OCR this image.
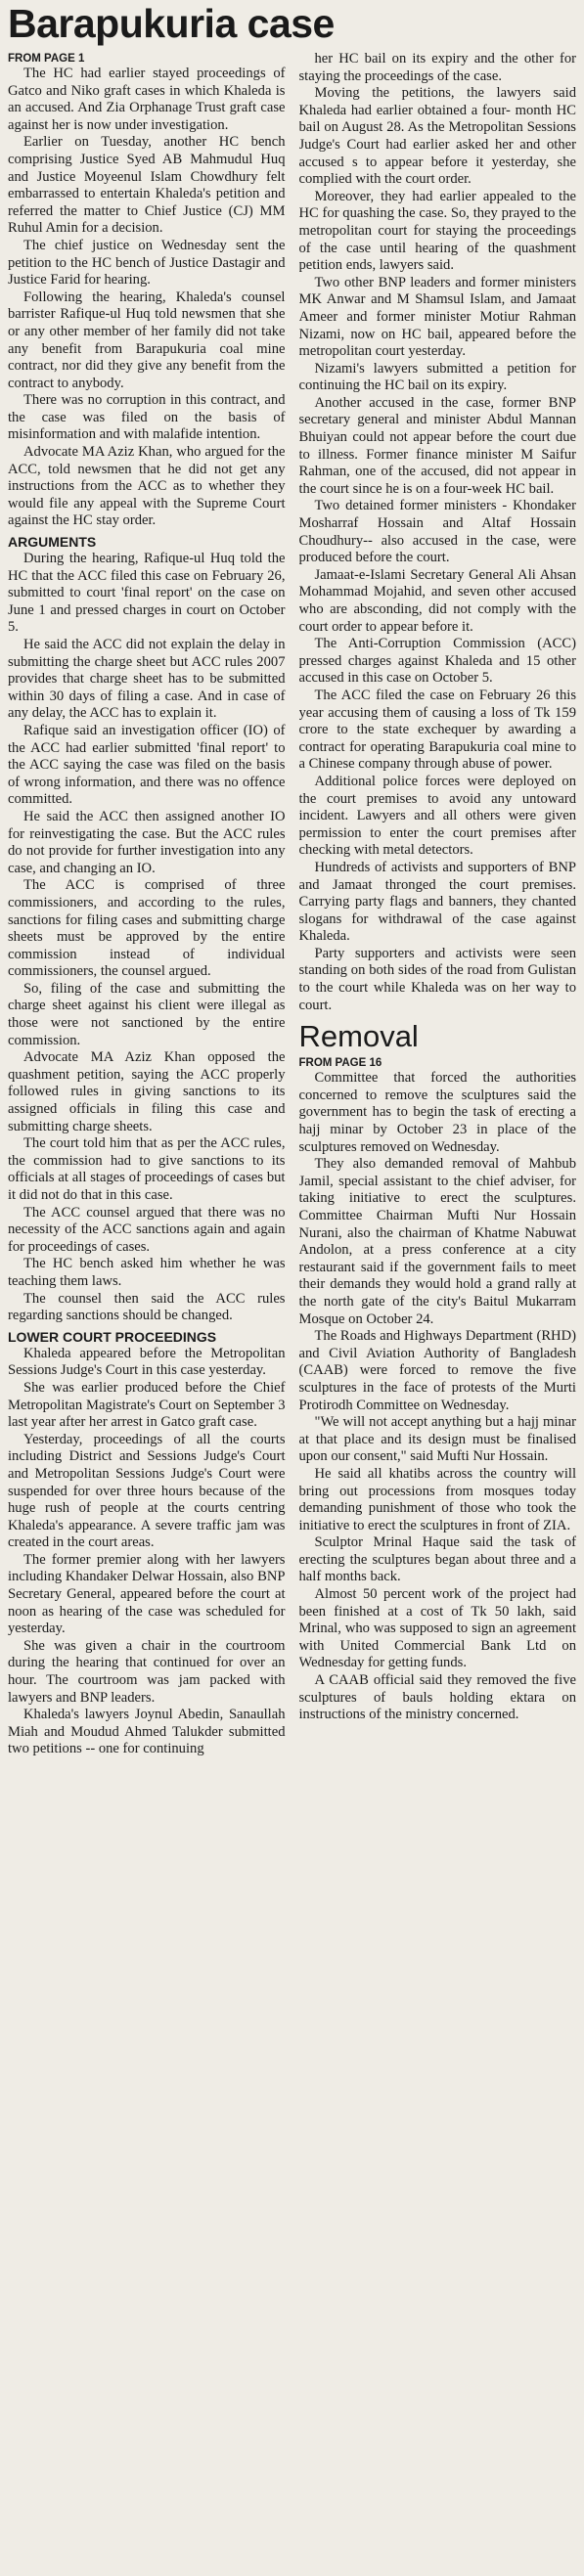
Barapukuria case
FROM PAGE 1

The HC had earlier stayed proceedings of Gatco and Niko graft cases in which Khaleda is an accused. And Zia Orphanage Trust graft case against her is now under investigation.

Earlier on Tuesday, another HC bench comprising Justice Syed AB Mahmudul Huq and Justice Moyeenul Islam Chowdhury felt embarrassed to entertain Khaleda's petition and referred the matter to Chief Justice (CJ) MM Ruhul Amin for a decision.

The chief justice on Wednesday sent the petition to the HC bench of Justice Dastagir and Justice Farid for hearing.

Following the hearing, Khaleda's counsel barrister Rafique-ul Huq told newsmen that she or any other member of her family did not take any benefit from Barapukuria coal mine contract, nor did they give any benefit from the contract to anybody.

There was no corruption in this contract, and the case was filed on the basis of misinformation and with malafide intention.

Advocate MA Aziz Khan, who argued for the ACC, told newsmen that he did not get any instructions from the ACC as to whether they would file any appeal with the Supreme Court against the HC stay order.

ARGUMENTS

During the hearing, Rafique-ul Huq told the HC that the ACC filed this case on February 26, submitted to court 'final report' on the case on June 1 and pressed charges in court on October 5.

He said the ACC did not explain the delay in submitting the charge sheet but ACC rules 2007 provides that charge sheet has to be submitted within 30 days of filing a case. And in case of any delay, the ACC has to explain it.

Rafique said an investigation officer (IO) of the ACC had earlier submitted 'final report' to the ACC saying the case was filed on the basis of wrong information, and there was no offence committed.

He said the ACC then assigned another IO for reinvestigating the case. But the ACC rules do not provide for further investigation into any case, and changing an IO.

The ACC is comprised of three commissioners, and according to the rules, sanctions for filing cases and submitting charge sheets must be approved by the entire commission instead of individual commissioners, the counsel argued.

So, filing of the case and submitting the charge sheet against his client were illegal as those were not sanctioned by the entire commission.

Advocate MA Aziz Khan opposed the quashment petition, saying the ACC properly followed rules in giving sanctions to its assigned officials in filing this case and submitting charge sheets.

The court told him that as per the ACC rules, the commission had to give sanctions to its officials at all stages of proceedings of cases but it did not do that in this case.

The ACC counsel argued that there was no necessity of the ACC sanctions again and again for proceedings of cases.

The HC bench asked him whether he was teaching them laws.

The counsel then said the ACC rules regarding sanctions should be changed.

LOWER COURT PROCEEDINGS

Khaleda appeared before the Metropolitan Sessions Judge's Court in this case yesterday.

She was earlier produced before the Chief Metropolitan Magistrate's Court on September 3 last year after her arrest in Gatco graft case.

Yesterday, proceedings of all the courts including District and Sessions Judge's Court and Metropolitan Sessions Judge's Court were suspended for over three hours because of the huge rush of people at the courts centring Khaleda's appearance. A severe traffic jam was created in the court areas.

The former premier along with her lawyers including Khandaker Delwar Hossain, also BNP Secretary General, appeared before the court at noon as hearing of the case was scheduled for yesterday.

She was given a chair in the courtroom during the hearing that continued for over an hour. The courtroom was jam packed with lawyers and BNP leaders.

Khaleda's lawyers Joynul Abedin, Sanaullah Miah and Moudud Ahmed Talukder submitted two petitions -- one for continuing

her HC bail on its expiry and the other for staying the proceedings of the case.

Moving the petitions, the lawyers said Khaleda had earlier obtained a four- month HC bail on August 28. As the Metropolitan Sessions Judge's Court had earlier asked her and other accused s to appear before it yesterday, she complied with the court order.

Moreover, they had earlier appealed to the HC for quashing the case. So, they prayed to the metropolitan court for staying the proceedings of the case until hearing of the quashment petition ends, lawyers said.

Two other BNP leaders and former ministers MK Anwar and M Shamsul Islam, and Jamaat Ameer and former minister Motiur Rahman Nizami, now on HC bail, appeared before the metropolitan court yesterday.

Nizami's lawyers submitted a petition for continuing the HC bail on its expiry.

Another accused in the case, former BNP secretary general and minister Abdul Mannan Bhuiyan could not appear before the court due to illness. Former finance minister M Saifur Rahman, one of the accused, did not appear in the court since he is on a four-week HC bail.

Two detained former ministers - Khondaker Mosharraf Hossain and Altaf Hossain Choudhury-- also accused in the case, were produced before the court.

Jamaat-e-Islami Secretary General Ali Ahsan Mohammad Mojahid, and seven other accused who are absconding, did not comply with the court order to appear before it.

The Anti-Corruption Commission (ACC) pressed charges against Khaleda and 15 other accused in this case on October 5.

The ACC filed the case on February 26 this year accusing them of causing a loss of Tk 159 crore to the state exchequer by awarding a contract for operating Barapukuria coal mine to a Chinese company through abuse of power.

Additional police forces were deployed on the court premises to avoid any untoward incident. Lawyers and all others were given permission to enter the court premises after checking with metal detectors.

Hundreds of activists and supporters of BNP and Jamaat thronged the court premises. Carrying party flags and banners, they chanted slogans for withdrawal of the case against Khaleda.

Party supporters and activists were seen standing on both sides of the road from Gulistan to the court while Khaleda was on her way to court.

Removal
FROM PAGE 16

Committee that forced the authorities concerned to remove the sculptures said the government has to begin the task of erecting a hajj minar by October 23 in place of the sculptures removed on Wednesday.

They also demanded removal of Mahbub Jamil, special assistant to the chief adviser, for taking initiative to erect the sculptures. Committee Chairman Mufti Nur Hossain Nurani, also the chairman of Khatme Nabuwat Andolon, at a press conference at a city restaurant said if the government fails to meet their demands they would hold a grand rally at the north gate of the city's Baitul Mukarram Mosque on October 24.

The Roads and Highways Department (RHD) and Civil Aviation Authority of Bangladesh (CAAB) were forced to remove the five sculptures in the face of protests of the Murti Protirodh Committee on Wednesday.

"We will not accept anything but a hajj minar at that place and its design must be finalised upon our consent," said Mufti Nur Hossain.

He said all khatibs across the country will bring out processions from mosques today demanding punishment of those who took the initiative to erect the sculptures in front of ZIA.

Sculptor Mrinal Haque said the task of erecting the sculptures began about three and a half months back.

Almost 50 percent work of the project had been finished at a cost of Tk 50 lakh, said Mrinal, who was supposed to sign an agreement with United Commercial Bank Ltd on Wednesday for getting funds.

A CAAB official said they removed the five sculptures of bauls holding ektara on instructions of the ministry concerned.
